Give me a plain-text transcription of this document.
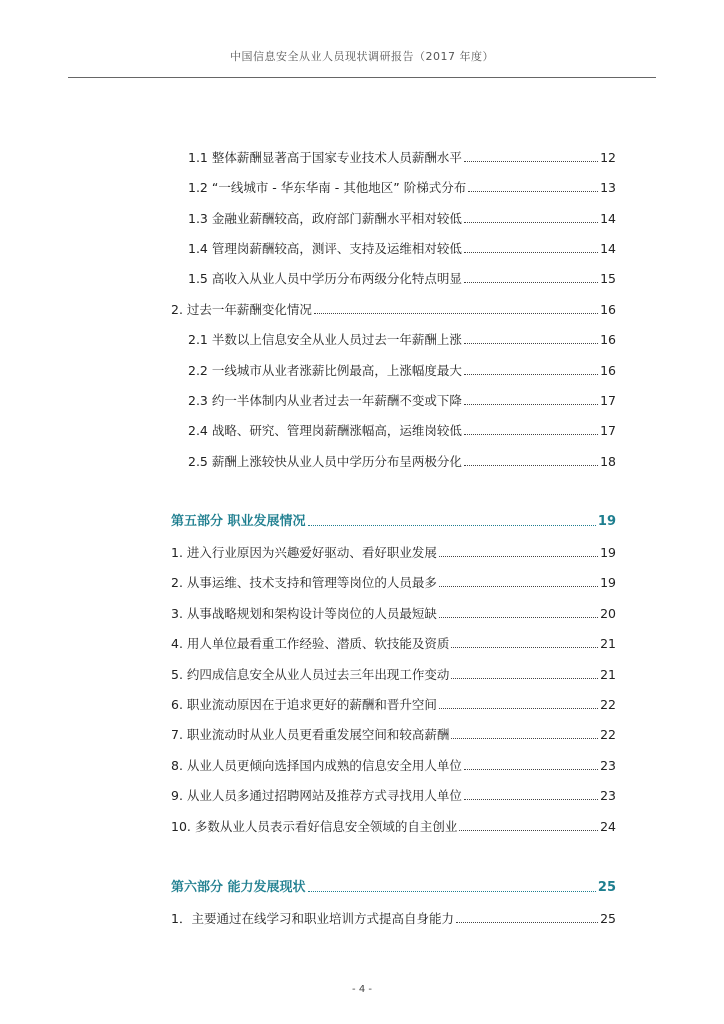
中国信息安全从业人员现状调研报告（2017 年度）
1.1 整体薪酬显著高于国家专业技术人员薪酬水平	12
1.2 “一线城市 - 华东华南 - 其他地区” 阶梯式分布	13
1.3 金融业薪酬较高，政府部门薪酬水平相对较低	14
1.4 管理岗薪酬较高，测评、支持及运维相对较低	14
1.5 高收入从业人员中学历分布两级分化特点明显	15
2. 过去一年薪酬变化情况	16
2.1 半数以上信息安全从业人员过去一年薪酬上涨	16
2.2 一线城市从业者涨薪比例最高，上涨幅度最大	16
2.3 约一半体制内从业者过去一年薪酬不变或下降	17
2.4 战略、研究、管理岗薪酬涨幅高，运维岗较低	17
2.5 薪酬上涨较快从业人员中学历分布呈两极分化	18
第五部分 职业发展情况	19
1. 进入行业原因为兴趣爱好驱动、看好职业发展	19
2. 从事运维、技术支持和管理等岗位的人员最多	19
3. 从事战略规划和架构设计等岗位的人员最短缺	20
4. 用人单位最看重工作经验、潜质、软技能及资质	21
5. 约四成信息安全从业人员过去三年出现工作变动	21
6. 职业流动原因在于追求更好的薪酬和晋升空间	22
7. 职业流动时从业人员更看重发展空间和较高薪酬	22
8. 从业人员更倾向选择国内成熟的信息安全用人单位	23
9. 从业人员多通过招聘网站及推荐方式寻找用人单位	23
10. 多数从业人员表示看好信息安全领域的自主创业	24
第六部分 能力发展现状	25
1．主要通过在线学习和职业培训方式提高自身能力	25
- 4 -
